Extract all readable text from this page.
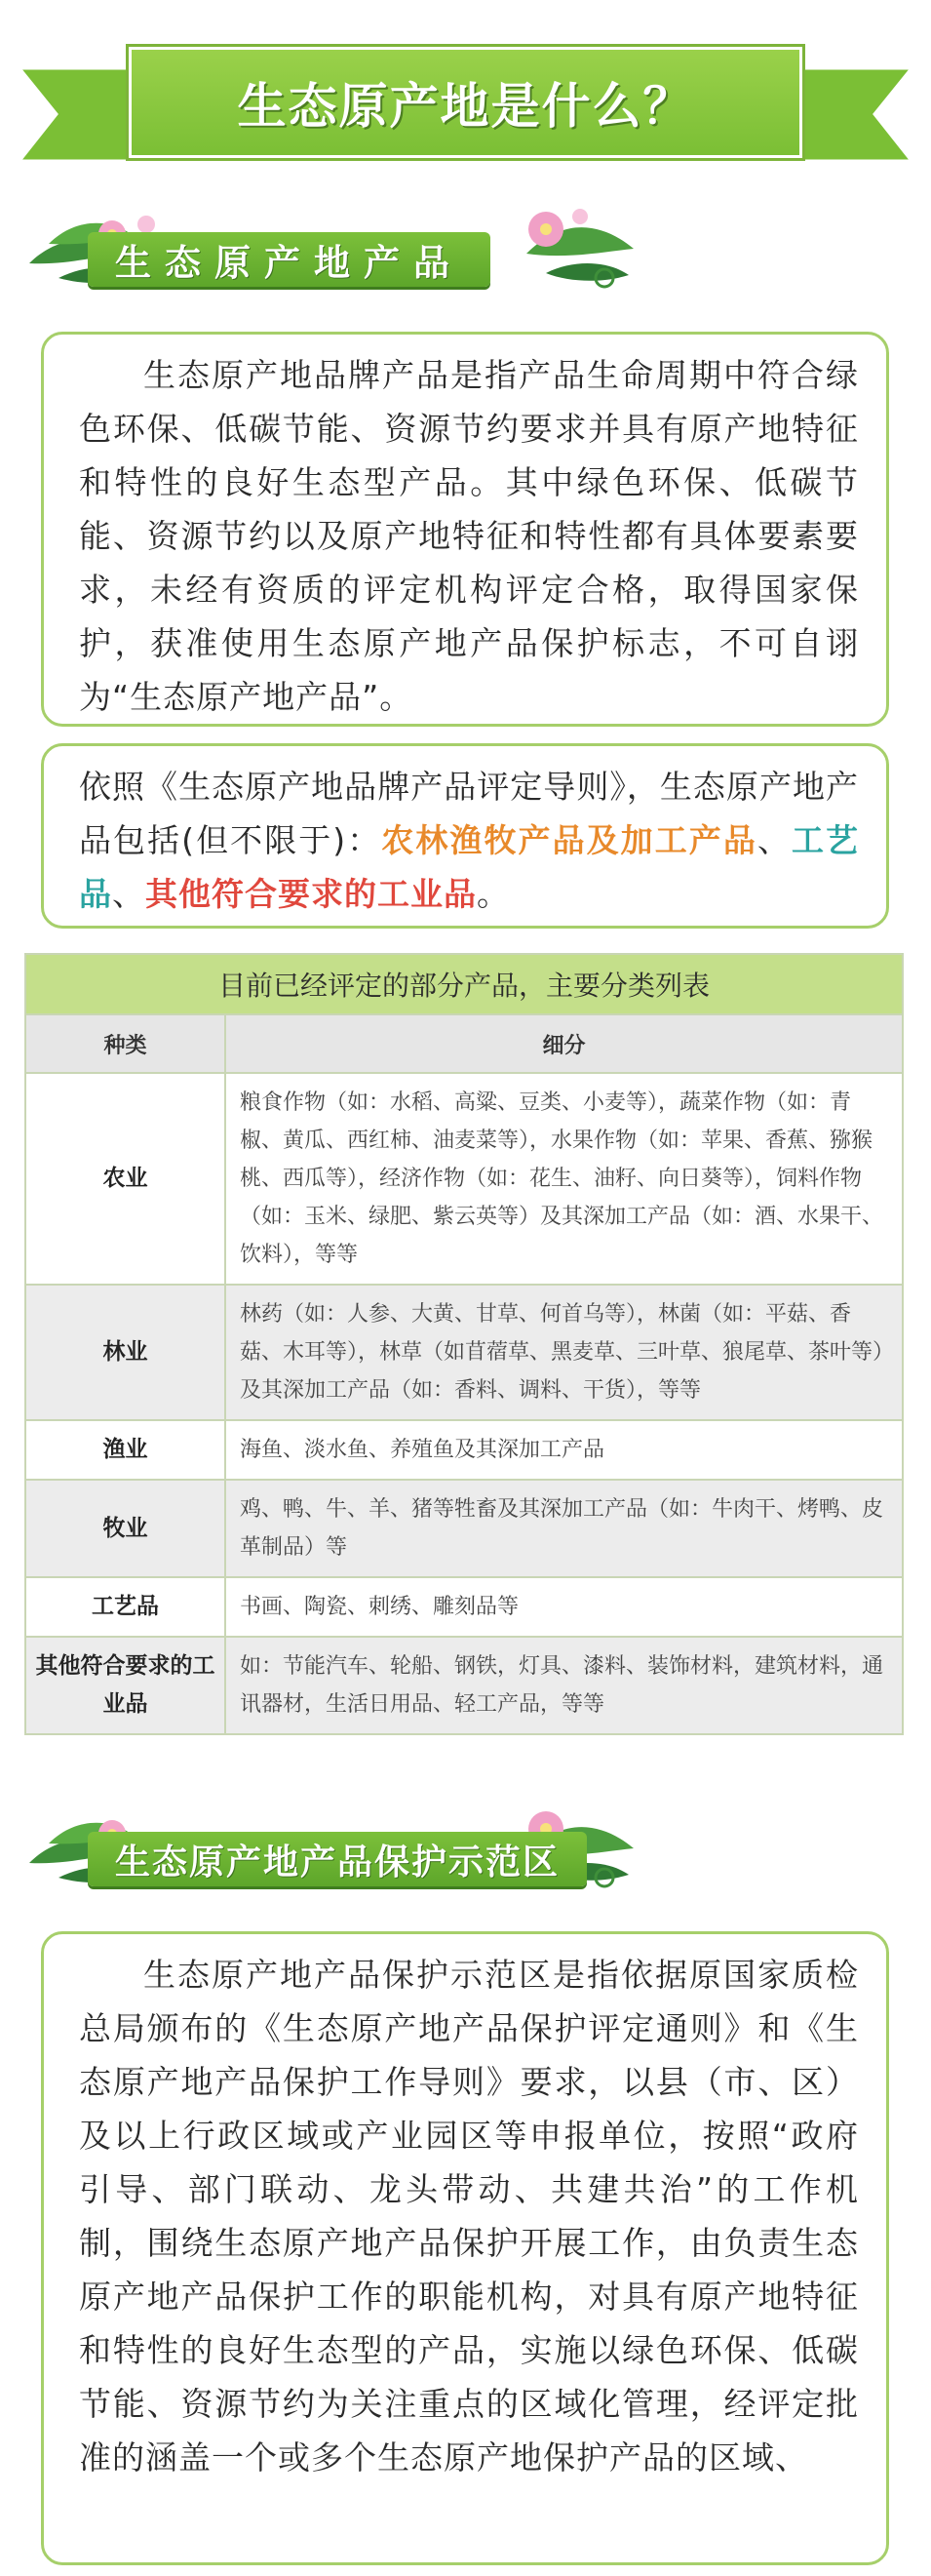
生态原产地是什么？
生态原产地产品

生态原产地品牌产品是指产品生命周期中符合绿色环保、低碳节能、资源节约要求并具有原产地特征和特性的良好生态型产品。其中绿色环保、低碳节能、资源节约以及原产地特征和特性都有具体要素要求，未经有资质的评定机构评定合格，取得国家保护，获准使用生态原产地产品保护标志，不可自诩为“生态原产地产品”。

依照《生态原产地品牌产品评定导则》，生态原产地产品包括(但不限于)：农林渔牧产品及加工产品、工艺品、其他符合要求的工业品。
目前已经评定的部分产品，主要分类列表	
种类	细分
农业	粮食作物（如：水稻、高粱、豆类、小麦等），蔬菜作物（如：青椒、黄瓜、西红柿、油麦菜等），水果作物（如：苹果、香蕉、猕猴桃、西瓜等），经济作物（如：花生、油籽、向日葵等），饲料作物（如：玉米、绿肥、紫云英等）及其深加工产品（如：酒、水果干、饮料），等等
林业	林药（如：人参、大黄、甘草、何首乌等），林菌（如：平菇、香菇、木耳等），林草（如苜蓿草、黑麦草、三叶草、狼尾草、茶叶等）及其深加工产品（如：香料、调料、干货），等等
渔业	海鱼、淡水鱼、养殖鱼及其深加工产品
牧业	鸡、鸭、牛、羊、猪等牲畜及其深加工产品（如：牛肉干、烤鸭、皮革制品）等
工艺品	书画、陶瓷、刺绣、雕刻品等
其他符合要求的工业品	如：节能汽车、轮船、钢铁，灯具、漆料、装饰材料，建筑材料，通讯器材，生活日用品、轻工产品，等等
生态原产地产品保护示范区

生态原产地产品保护示范区是指依据原国家质检总局颁布的《生态原产地产品保护评定通则》和《生态原产地产品保护工作导则》要求，以县（市、区）及以上行政区域或产业园区等申报单位，按照“政府引导、部门联动、龙头带动、共建共治”的工作机制，围绕生态原产地产品保护开展工作，由负责生态原产地产品保护工作的职能机构，对具有原产地特征和特性的良好生态型的产品，实施以绿色环保、低碳节能、资源节约为关注重点的区域化管理，经评定批准的涵盖一个或多个生态原产地保护产品的区域、
